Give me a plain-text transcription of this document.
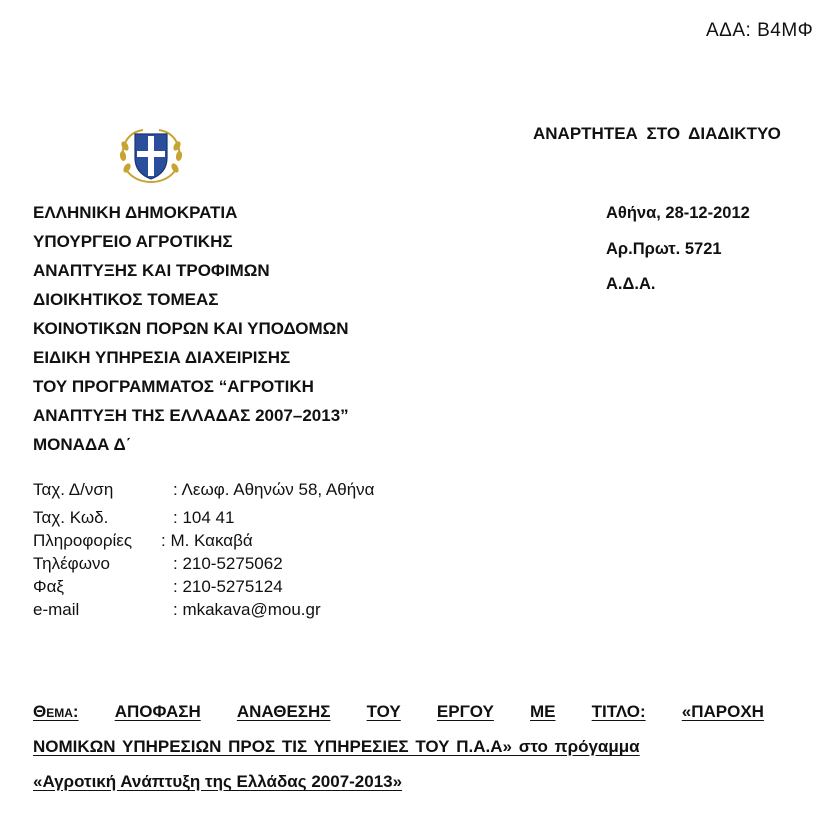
ΑΔΑ: Β4ΜΦ
ΑΝΑΡΤΗΤΕΑ ΣΤΟ ΔΙΑΔΙΚΤΥΟ
ΕΛΛΗΝΙΚΗ ΔΗΜΟΚΡΑΤΙΑ
ΥΠΟΥΡΓΕΙΟ ΑΓΡΟΤΙΚΗΣ
ΑΝΑΠΤΥΞΗΣ ΚΑΙ ΤΡΟΦΙΜΩΝ
ΔΙΟΙΚΗΤΙΚΟΣ ΤΟΜΕΑΣ
ΚΟΙΝΟΤΙΚΩΝ ΠΟΡΩΝ ΚΑΙ ΥΠΟΔΟΜΩΝ
ΕΙΔΙΚΗ ΥΠΗΡΕΣΙΑ ΔΙΑΧΕΙΡΙΣΗΣ
ΤΟΥ ΠΡΟΓΡΑΜΜΑΤΟΣ “ΑΓΡΟΤΙΚΗ
ΑΝΑΠΤΥΞΗ ΤΗΣ ΕΛΛΑΔΑΣ 2007–2013”
ΜΟΝΑΔΑ Δ΄
Αθήνα, 28-12-2012
Αρ.Πρωτ. 5721
Α.Δ.Α.
Ταχ. Δ/νση	: Λεωφ. Αθηνών 58, Αθήνα
Ταχ. Κωδ.	: 104 41
Πληροφορίες : Μ. Κακαβά
Τηλέφωνο	: 210-5275062
Φαξ	: 210-5275124
e-mail	: mkakava@mou.gr
Θεμα: ΑΠΟΦΑΣΗ ΑΝΑΘΕΣΗΣ ΤΟΥ ΕΡΓΟΥ ΜΕ ΤΙΤΛΟ: «ΠΑΡΟΧΗ
ΝΟΜΙΚΩΝ ΥΠΗΡΕΣΙΩΝ ΠΡΟΣ ΤΙΣ ΥΠΗΡΕΣΙΕΣ ΤΟΥ Π.Α.Α» στο πρόγαμμα
«Αγροτική Ανάπτυξη της Ελλάδας 2007-2013»
